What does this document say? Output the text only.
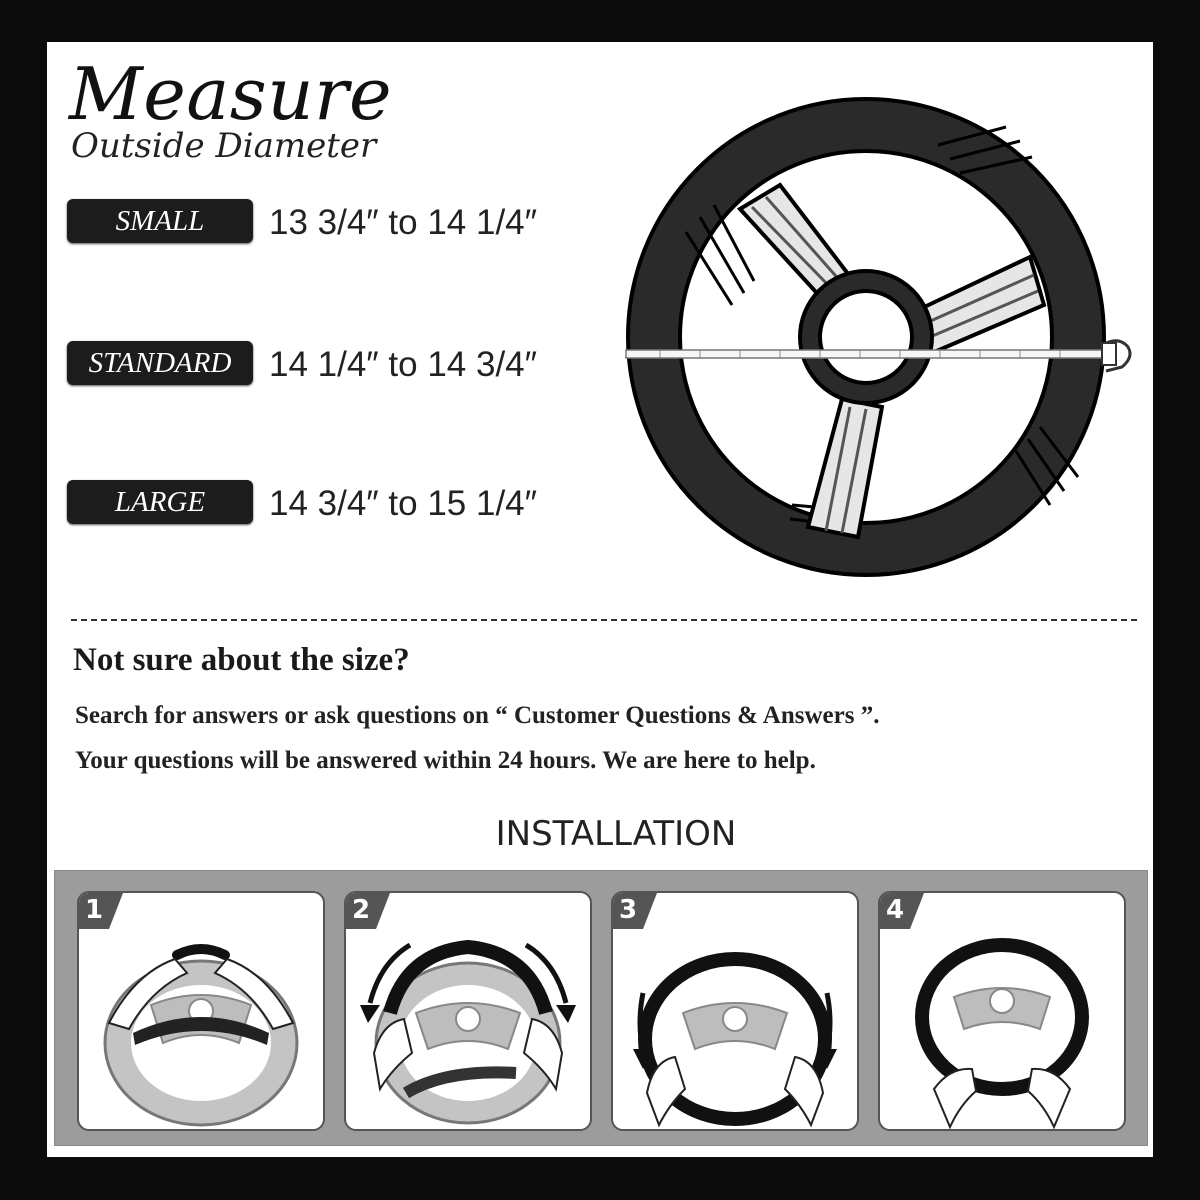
Measure
Outside Diameter
SMALL	13 3/4″ to 14 1/4″
STANDARD	14 1/4″ to 14 3/4″
LARGE	14 3/4″ to 15 1/4″
Not sure about the size?
Search for answers or ask questions on “ Customer Questions & Answers ”.
Your questions will be answered within 24 hours. We are here to help.
INSTALLATION
1	2	3	4
